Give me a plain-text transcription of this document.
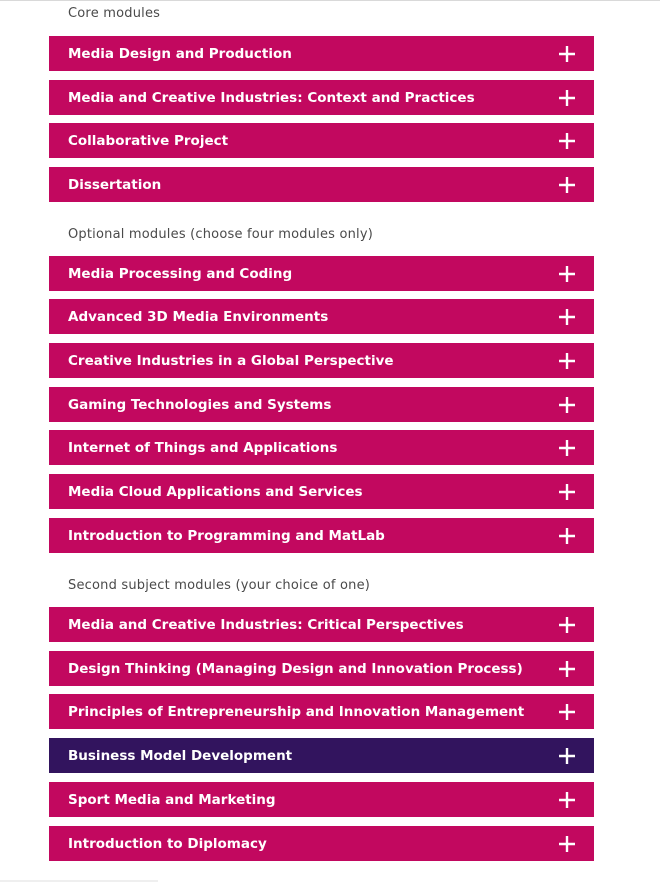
Core modules
Media Design and Production
Media and Creative Industries: Context and Practices
Collaborative Project
Dissertation
Optional modules (choose four modules only)
Media Processing and Coding
Advanced 3D Media Environments
Creative Industries in a Global Perspective
Gaming Technologies and Systems
Internet of Things and Applications
Media Cloud Applications and Services
Introduction to Programming and MatLab
Second subject modules (your choice of one)
Media and Creative Industries: Critical Perspectives
Design Thinking (Managing Design and Innovation Process)
Principles of Entrepreneurship and Innovation Management
Business Model Development
Sport Media and Marketing
Introduction to Diplomacy
